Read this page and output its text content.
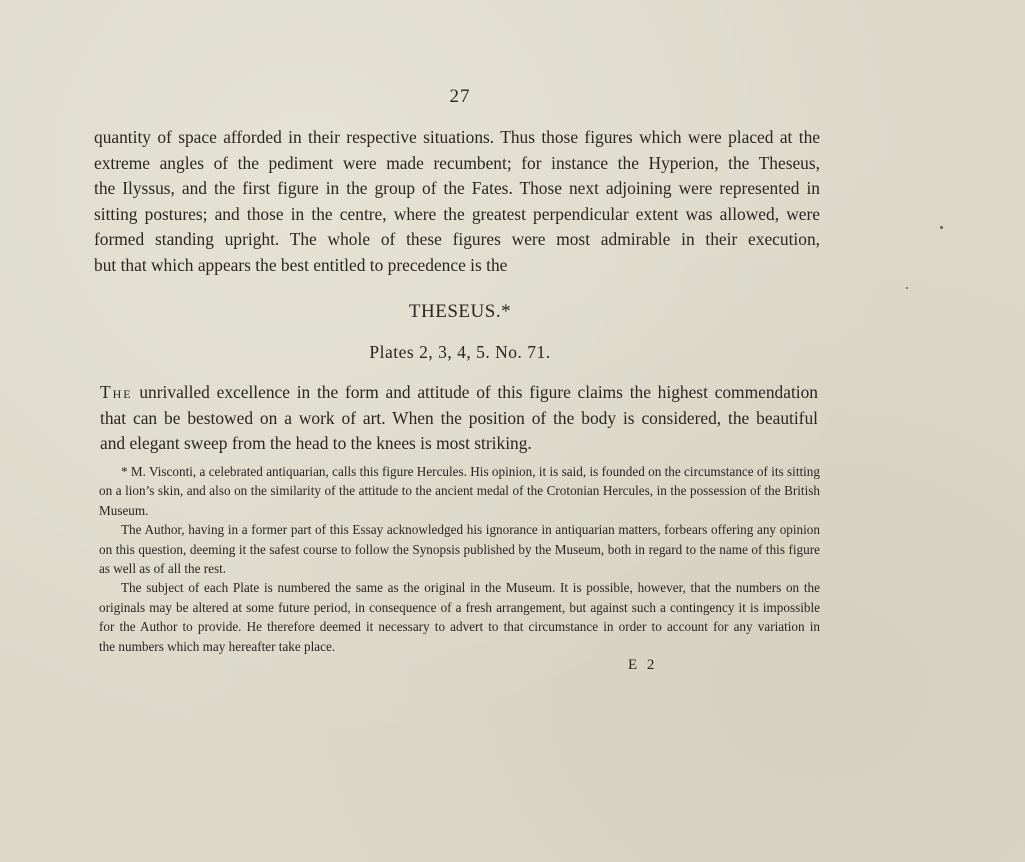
27
quantity of space afforded in their respective situations. Thus those figures which were placed at the
extreme angles of the pediment were made recumbent; for instance the Hyperion, the Theseus,
the Ilyssus, and the first figure in the group of the Fates. Those next adjoining were represented in
sitting postures; and those in the centre, where the greatest perpendicular extent was allowed, were
formed standing upright. The whole of these figures were most admirable in their execution,
but that which appears the best entitled to precedence is the
THESEUS.*
Plates 2, 3, 4, 5. No. 71.
The unrivalled excellence in the form and attitude of this figure claims the highest commendation
that can be bestowed on a work of art. When the position of the body is considered, the beautiful
and elegant sweep from the head to the knees is most striking.
* M. Visconti, a celebrated antiquarian, calls this figure Hercules. His opinion, it is said, is founded on the circumstance of its sitting
on a lion’s skin, and also on the similarity of the attitude to the ancient medal of the Crotonian Hercules, in the possession of the British
Museum.
The Author, having in a former part of this Essay acknowledged his ignorance in antiquarian matters, forbears offering any opinion
on this question, deeming it the safest course to follow the Synopsis published by the Museum, both in regard to the name of this figure
as well as of all the rest.
The subject of each Plate is numbered the same as the original in the Museum. It is possible, however, that the numbers on the
originals may be altered at some future period, in consequence of a fresh arrangement, but against such a contingency it is impossible
for the Author to provide. He therefore deemed it necessary to advert to that circumstance in order to account for any variation in
the numbers which may hereafter take place.
E 2
